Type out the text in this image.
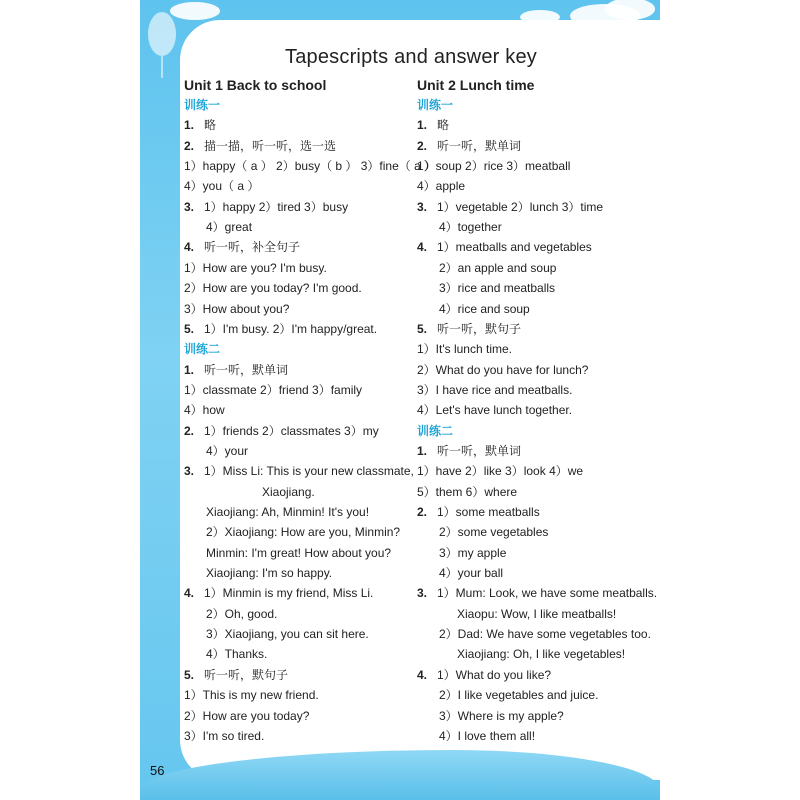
56
Tapescripts and answer key
Unit 1 Back to school
训练一
1. 略
2. 描一描，听一听，选一选
1）happy（ a ） 2）busy（ b ） 3）fine（ a ）
4）you（ a ）
3. 1）happy 2）tired 3）busy
4）great
4. 听一听，补全句子
1）How are you? I'm busy.
2）How are you today? I'm good.
3）How about you?
5. 1）I'm busy. 2）I'm happy/great.
训练二
1. 听一听，默单词
1）classmate 2）friend 3）family
4）how
2. 1）friends 2）classmates 3）my
4）your
3. 1）Miss Li: This is your new classmate,
Xiaojiang.
Xiaojiang: Ah, Minmin! It's you!
2）Xiaojiang: How are you, Minmin?
Minmin: I'm great! How about you?
Xiaojiang: I'm so happy.
4. 1）Minmin is my friend, Miss Li.
2）Oh, good.
3）Xiaojiang, you can sit here.
4）Thanks.
5. 听一听，默句子
1）This is my new friend.
2）How are you today?
3）I'm so tired.
Unit 2 Lunch time
训练一
1. 略
2. 听一听，默单词
1）soup 2）rice 3）meatball
4）apple
3. 1）vegetable 2）lunch 3）time
4）together
4. 1）meatballs and vegetables
2）an apple and soup
3）rice and meatballs
4）rice and soup
5. 听一听，默句子
1）It's lunch time.
2）What do you have for lunch?
3）I have rice and meatballs.
4）Let's have lunch together.
训练二
1. 听一听，默单词
1）have 2）like 3）look 4）we
5）them 6）where
2. 1）some meatballs
2）some vegetables
3）my apple
4）your ball
3. 1）Mum: Look, we have some meatballs.
Xiaopu: Wow, I like meatballs!
2）Dad: We have some vegetables too.
Xiaojiang: Oh, I like vegetables!
4. 1）What do you like?
2）I like vegetables and juice.
3）Where is my apple?
4）I love them all!
